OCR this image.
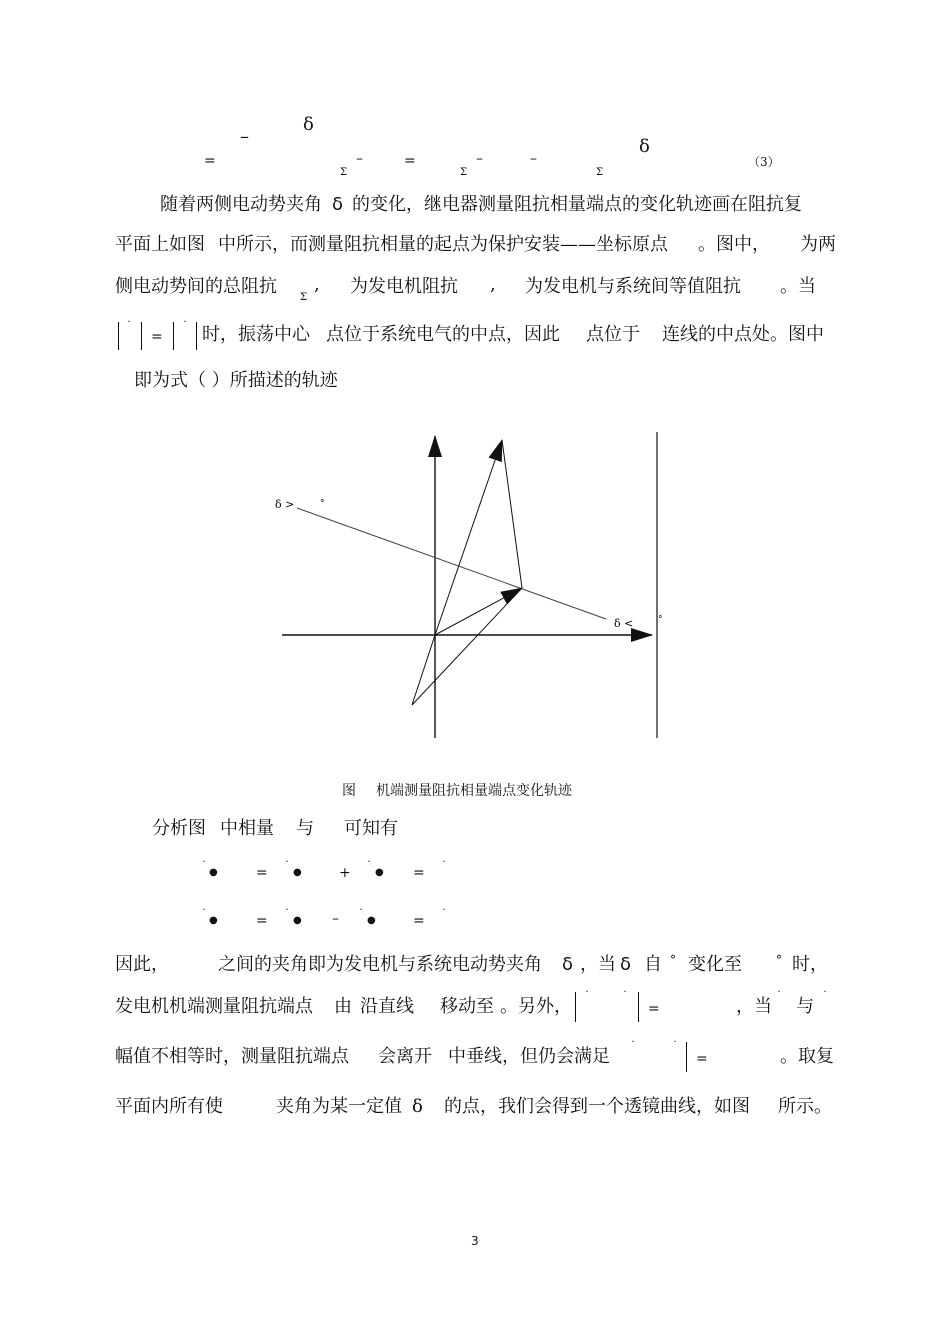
–
δ
=
Σ
–	=
Σ
–	–
Σ
δ
（3）
随着两侧电动势夹角 δ 的变化，继电器测量阻抗相量端点的变化轨迹画在阻抗复
平面上如图 中所示，而测量阻抗相量的起点为保护安装——坐标原点 。图中， 为两
侧电动势间的总阻抗
Σ
, 为发电机阻抗 , 为发电机与系统间等值阻抗 。当
˙
=
˙ 时，振荡中心 点位于系统电气的中点，因此 点位于 连线的中点处。图中
即为式（ ）所描述的轨迹
δ >	°
δ <	°
图 机端测量阻抗相量端点变化轨迹
分析图 中相量 与 可知有
˙ ●	= ˙ ●	+ ˙ ● = ˙
˙ ●	= ˙ ● – ˙ ●	= ˙
因此，	之间的夹角即为发电机与系统电动势夹角 δ ，当 δ 自 ° 变化至	° 时，
发电机机端测量阻抗端点 由 沿直线 移动至 。另外， ˙	˙
=	，当 ˙ 与 ˙
幅值不相等时，测量阻抗端点 会离开 中垂线，但仍会满足 ˙	˙
=	。取复
平面内所有使	夹角为某一定值 δ 的点，我们会得到一个透镜曲线，如图 所示。
3
